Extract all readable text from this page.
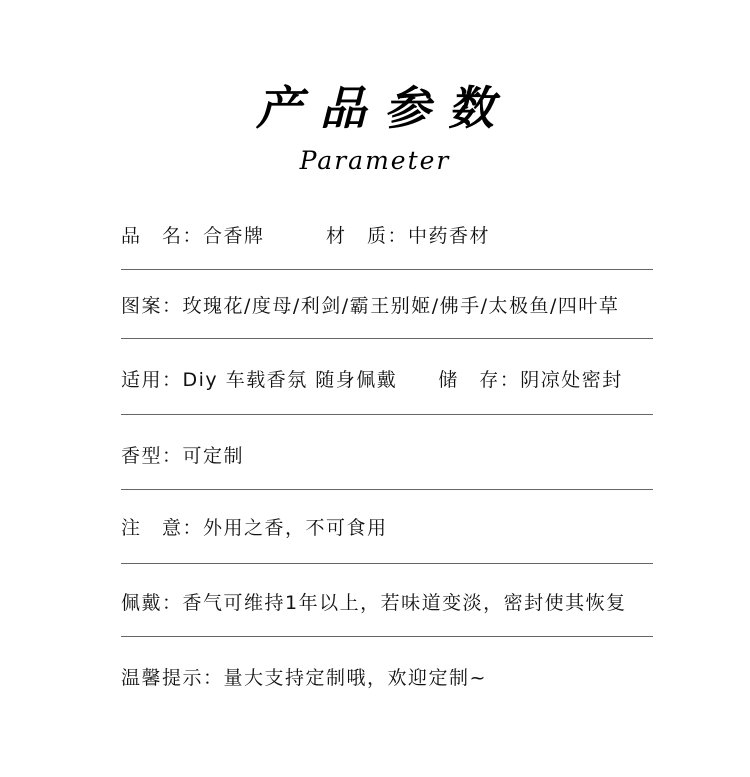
产品参数
Parameter
品　名：合香牌　　　材　质：中药香材
图案：玫瑰花/度母/利剑/霸王别姬/佛手/太极鱼/四叶草
适用：Diy 车载香氛 随身佩戴　　储　存：阴凉处密封
香型：可定制
注　意：外用之香，不可食用
佩戴：香气可维持1年以上，若味道变淡，密封使其恢复
温馨提示：量大支持定制哦，欢迎定制~
